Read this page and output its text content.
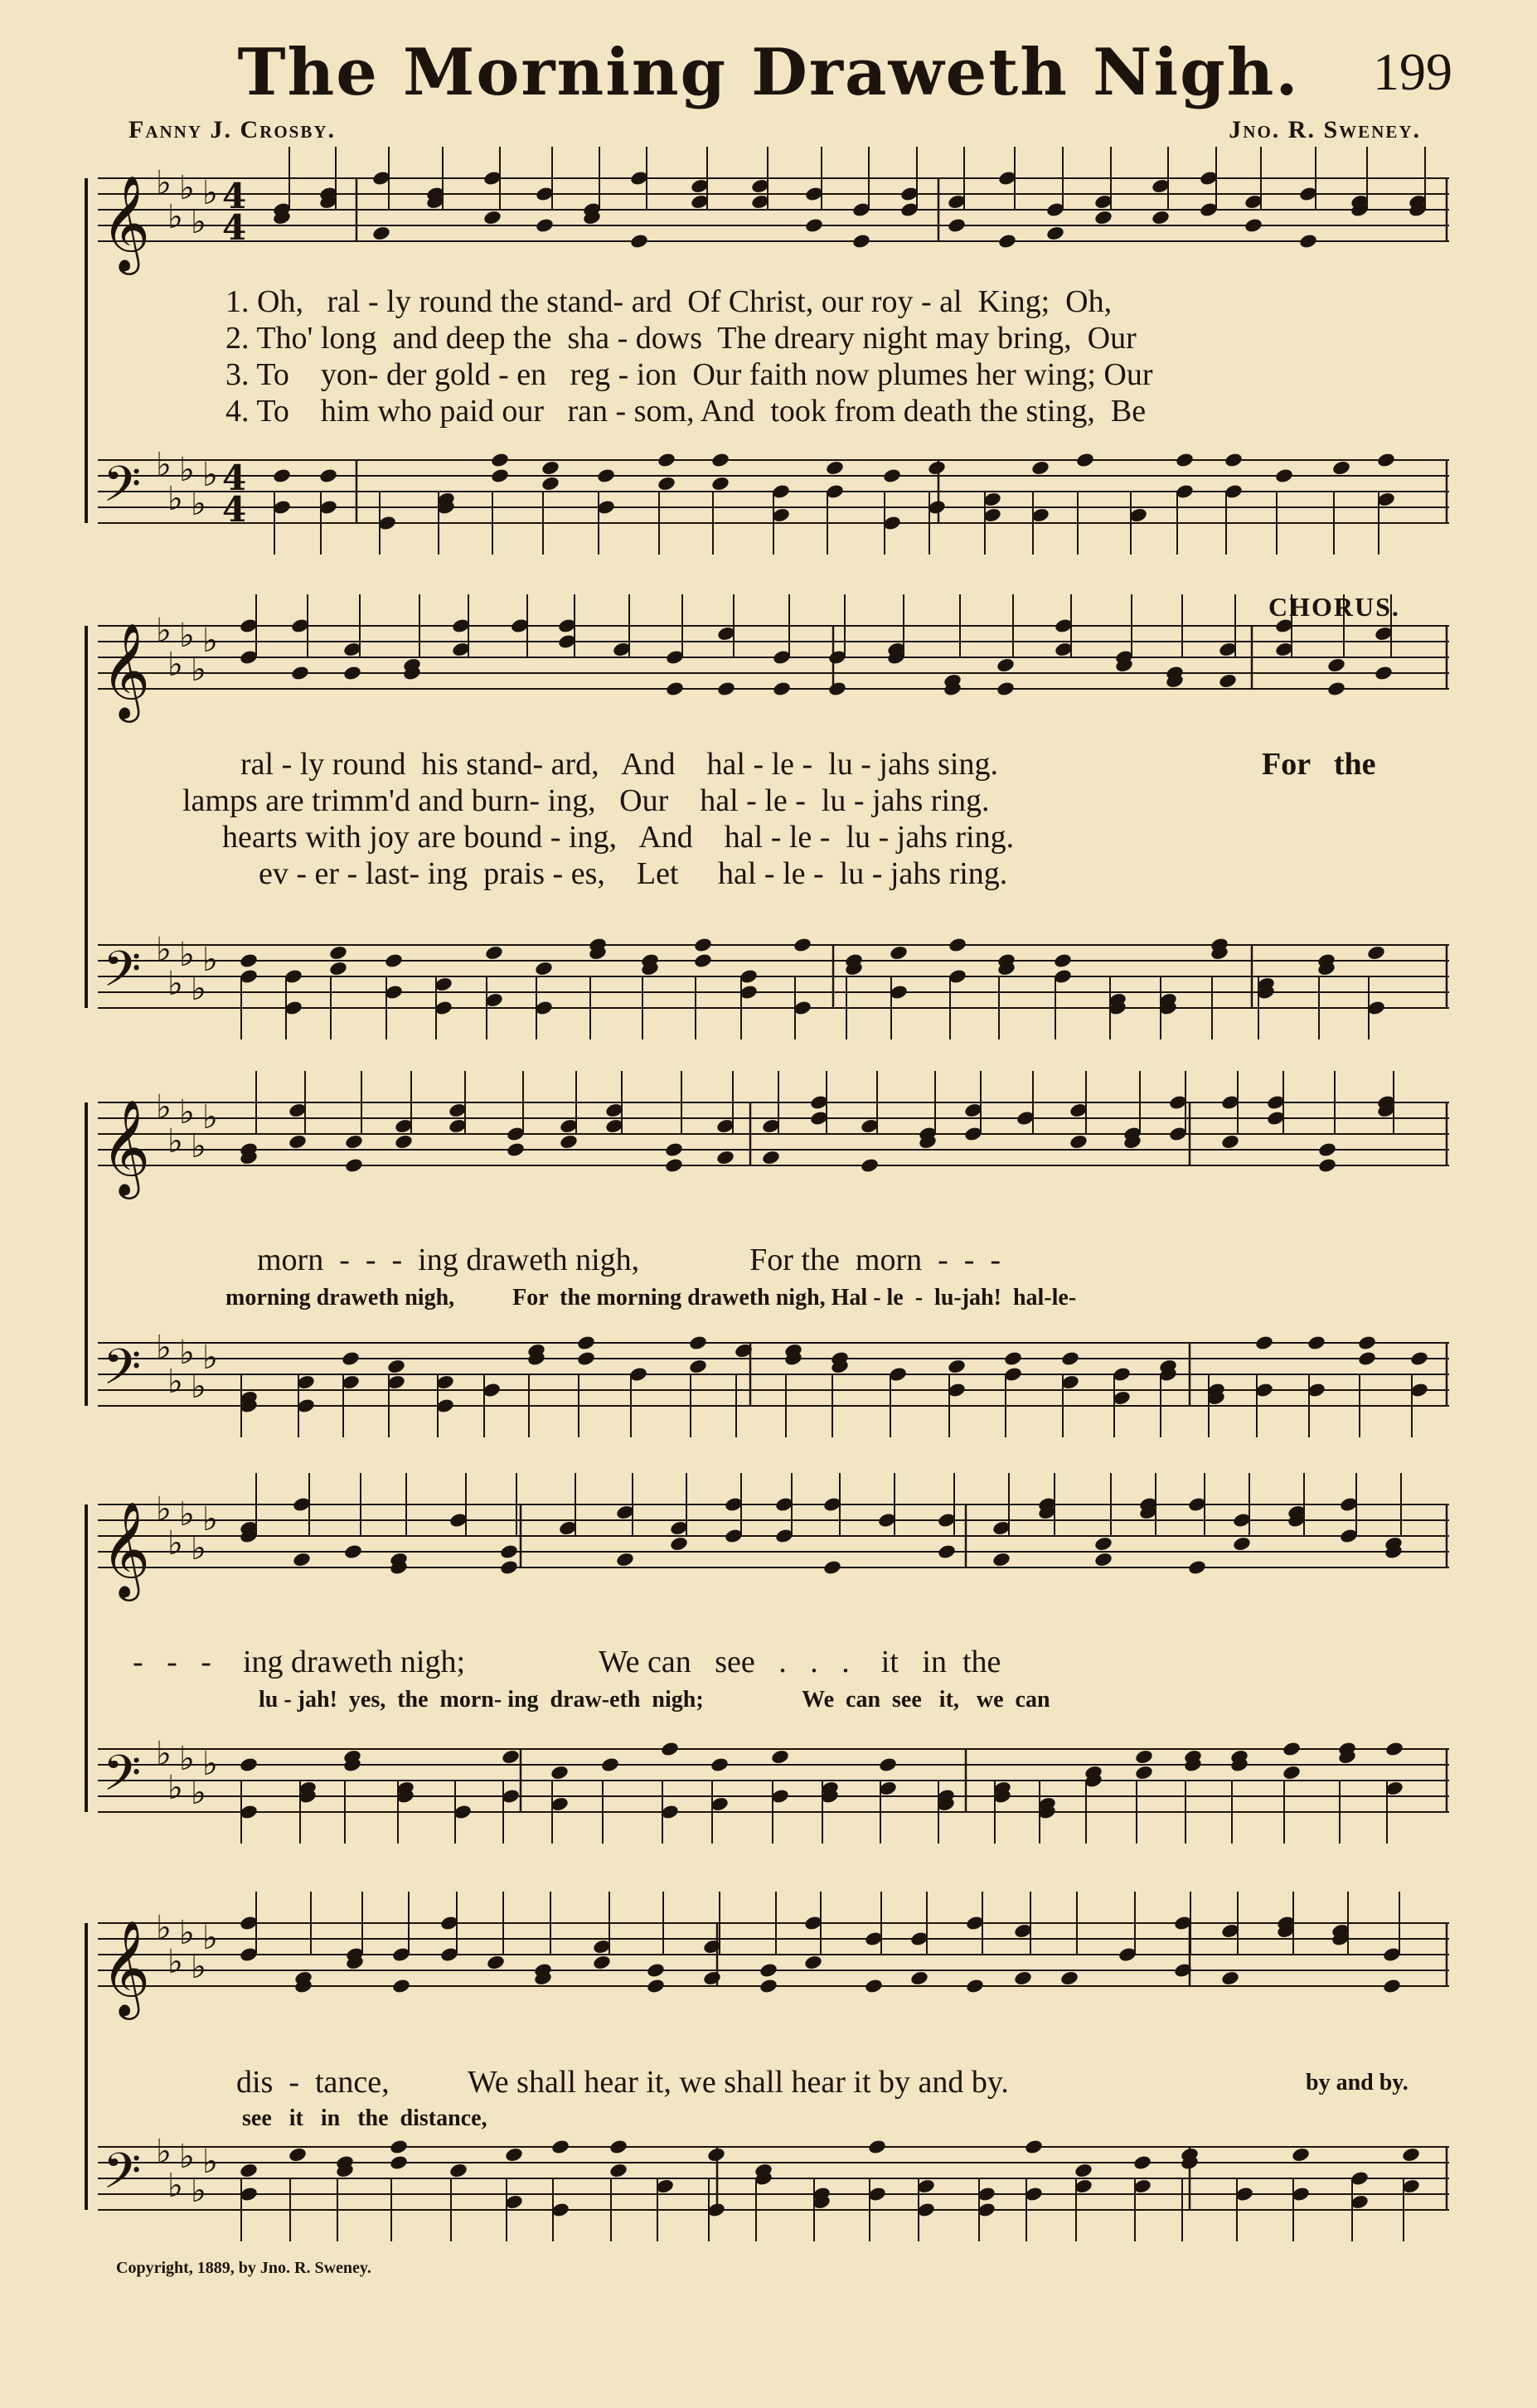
The Morning Draweth Nigh.	199
Fanny J. Crosby.	Jno. R. Sweney.
𝄞 ♭
♭
♭
♭
♭ 4
4
𝄢 ♭
♭
♭
♭
♭ 4
4
𝄞 ♭
♭
♭
♭
♭
𝄢 ♭
♭
♭
♭
♭
𝄞 ♭
♭
♭
♭
♭
𝄢 ♭
♭
♭
♭
♭
𝄞 ♭
♭
♭
♭
♭
𝄢 ♭
♭
♭
♭
♭
𝄞 ♭
♭
♭
♭
♭
𝄢 ♭
♭
♭
♭
♭
1. Oh,   ral - ly round the stand- ard  Of Christ, our roy - al  King;  Oh,
2. Tho' long  and deep the  sha - dows  The dreary night may bring,  Our
3. To    yon- der gold - en   reg - ion  Our faith now plumes her wing; Our
4. To    him who paid our   ran - som, And  took from death the sting,  Be
CHORUS.
ral - ly round  his stand- ard,   And    hal - le -  lu - jahs sing.
lamps are trimm'd and burn- ing,   Our    hal - le -  lu - jahs ring.
hearts with joy are bound - ing,   And    hal - le -  lu - jahs ring.
ev - er - last- ing  prais - es,    Let     hal - le -  lu - jahs ring.
For   the
morn  -  -  -  ing draweth nigh,              For the  morn  -  -  -
morning draweth nigh,          For  the morning draweth nigh, Hal - le  -  lu-jah!  hal-le-
-   -   -    ing draweth nigh;                 We can   see   .   .   .    it   in  the
lu - jah!  yes,  the  morn- ing  draw-eth  nigh;                 We  can  see   it,   we  can
dis  -  tance,          We shall hear it, we shall hear it by and by.	by and by.
see   it   in   the  distance,
Copyright, 1889, by Jno. R. Sweney.
